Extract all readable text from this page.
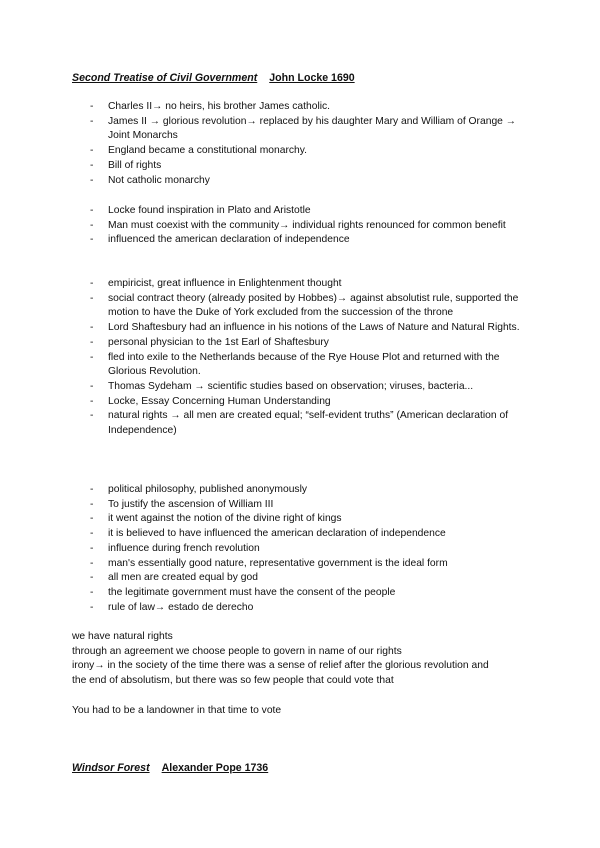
Second Treatise of Civil Government John Locke 1690
- Charles II→ no heirs, his brother James catholic.
- James II → glorious revolution→ replaced by his daughter Mary and William of Orange → Joint Monarchs
- England became a constitutional monarchy.
- Bill of rights
- Not catholic monarchy
- Locke found inspiration in Plato and Aristotle
- Man must coexist with the community→ individual rights renounced for common benefit
- influenced the american declaration of independence
- empiricist, great influence in Enlightenment thought
- social contract theory (already posited by Hobbes)→ against absolutist rule, supported the motion to have the Duke of York excluded from the succession of the throne
- Lord Shaftesbury had an influence in his notions of the Laws of Nature and Natural Rights.
- personal physician to the 1st Earl of Shaftesbury
- fled into exile to the Netherlands because of the Rye House Plot and returned with the Glorious Revolution.
- Thomas Sydeham → scientific studies based on observation; viruses, bacteria...
- Locke, Essay Concerning Human Understanding
- natural rights → all men are created equal; “self-evident truths” (American declaration of Independence)
- political philosophy, published anonymously
- To justify the ascension of William III
- it went against the notion of the divine right of kings
- it is believed to have influenced the american declaration of independence
- influence during french revolution
- man's essentially good nature, representative government is the ideal form
- all men are created equal by god
- the legitimate government must have the consent of the people
- rule of law→ estado de derecho
we have natural rights
through an agreement we choose people to govern in name of our rights
irony→ in the society of the time there was a sense of relief after the glorious revolution and
the end of absolutism, but there was so few people that could vote that
You had to be a landowner in that time to vote
Windsor Forest Alexander Pope 1736
